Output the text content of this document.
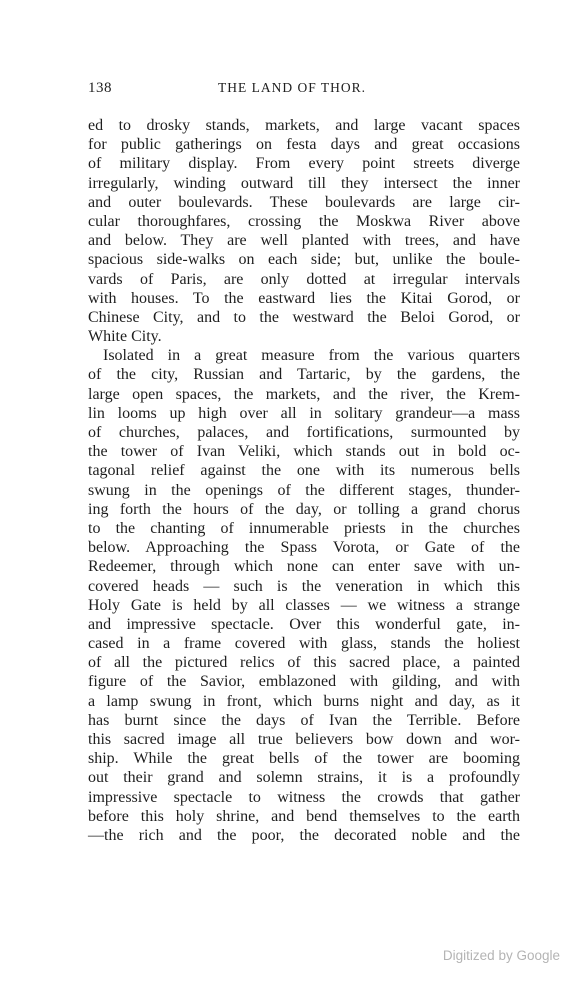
138	THE LAND OF THOR.
ed to drosky stands, markets, and large vacant spaces
for public gatherings on festa days and great occasions
of military display. From every point streets diverge
irregularly, winding outward till they intersect the inner
and outer boulevards. These boulevards are large cir-
cular thoroughfares, crossing the Moskwa River above
and below. They are well planted with trees, and have
spacious side-walks on each side; but, unlike the boule-
vards of Paris, are only dotted at irregular intervals
with houses. To the eastward lies the Kitai Gorod, or
Chinese City, and to the westward the Beloi Gorod, or
White City.
Isolated in a great measure from the various quarters
of the city, Russian and Tartaric, by the gardens, the
large open spaces, the markets, and the river, the Krem-
lin looms up high over all in solitary grandeur—a mass
of churches, palaces, and fortifications, surmounted by
the tower of Ivan Veliki, which stands out in bold oc-
tagonal relief against the one with its numerous bells
swung in the openings of the different stages, thunder-
ing forth the hours of the day, or tolling a grand chorus
to the chanting of innumerable priests in the churches
below. Approaching the Spass Vorota, or Gate of the
Redeemer, through which none can enter save with un-
covered heads — such is the veneration in which this
Holy Gate is held by all classes — we witness a strange
and impressive spectacle. Over this wonderful gate, in-
cased in a frame covered with glass, stands the holiest
of all the pictured relics of this sacred place, a painted
figure of the Savior, emblazoned with gilding, and with
a lamp swung in front, which burns night and day, as it
has burnt since the days of Ivan the Terrible. Before
this sacred image all true believers bow down and wor-
ship. While the great bells of the tower are booming
out their grand and solemn strains, it is a profoundly
impressive spectacle to witness the crowds that gather
before this holy shrine, and bend themselves to the earth
—the rich and the poor, the decorated noble and the
Digitized by Google
